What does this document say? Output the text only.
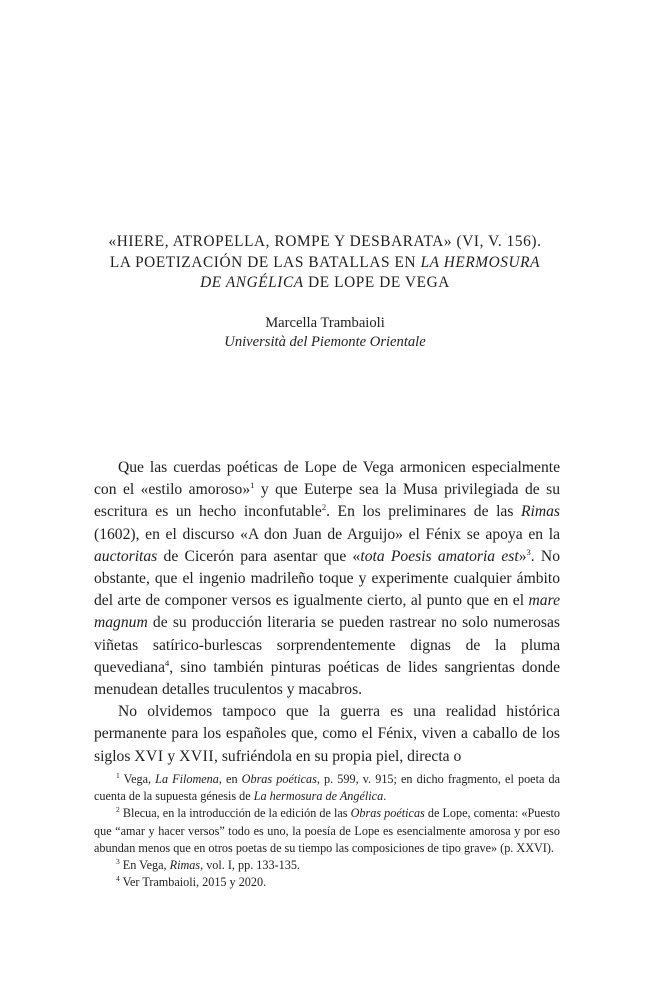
«HIERE, ATROPELLA, ROMPE Y DESBARATA» (VI, V. 156).
LA POETIZACIÓN DE LAS BATALLAS EN LA HERMOSURA
DE ANGÉLICA DE LOPE DE VEGA
Marcella Trambaioli
Università del Piemonte Orientale

Que las cuerdas poéticas de Lope de Vega armonicen especialmente con el «estilo amoroso»$^1$ y que Euterpe sea la Musa privilegiada de su escritura es un hecho inconfutable$^2$. En los preliminares de las Rimas (1602), en el discurso «A don Juan de Arguijo» el Fénix se apoya en la auctoritas de Cicerón para asentar que «tota Poesis amatoria est»$^3$. No obstante, que el ingenio madrileño toque y experimente cualquier ámbito del arte de componer versos es igualmente cierto, al punto que en el mare magnum de su producción literaria se pueden rastrear no solo numerosas viñetas satírico-burlescas sorprendentemente dignas de la pluma quevediana$^4$, sino también pinturas poéticas de lides sangrientas donde menudean detalles truculentos y macabros.

No olvidemos tampoco que la guerra es una realidad histórica permanente para los españoles que, como el Fénix, viven a caballo de los siglos XVI y XVII, sufriéndola en su propia piel, directa o

$^1$ Vega, La Filomena, en Obras poéticas, p. 599, v. 915; en dicho fragmento, el poeta da cuenta de la supuesta génesis de La hermosura de Angélica.

$^2$ Blecua, en la introducción de la edición de las Obras poéticas de Lope, comenta: «Puesto que “amar y hacer versos” todo es uno, la poesía de Lope es esencialmente amorosa y por eso abundan menos que en otros poetas de su tiempo las composiciones de tipo grave» (p. XXVI).

$^3$ En Vega, Rimas, vol. I, pp. 133-135.

$^4$ Ver Trambaioli, 2015 y 2020.
